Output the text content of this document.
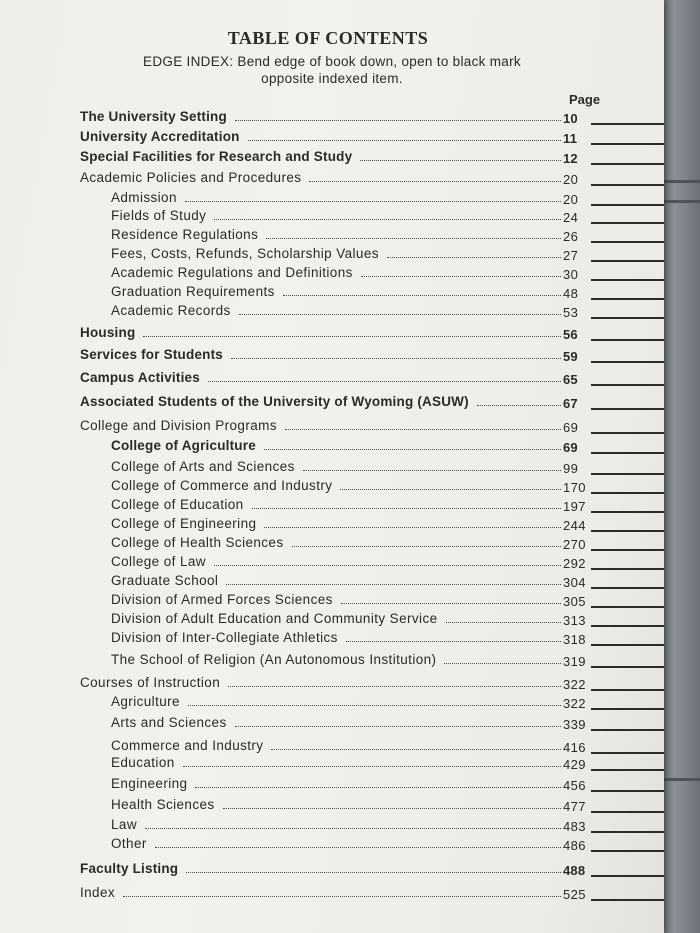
TABLE OF CONTENTS
EDGE INDEX: Bend edge of book down, open to black mark
opposite indexed item.
Page
The University Setting	10
University Accreditation	11
Special Facilities for Research and Study	12
Academic Policies and Procedures	20
Admission	20
Fields of Study	24
Residence Regulations	26
Fees, Costs, Refunds, Scholarship Values	27
Academic Regulations and Definitions	30
Graduation Requirements	48
Academic Records	53
Housing	56
Services for Students	59
Campus Activities	65
Associated Students of the University of Wyoming (ASUW)	67
College and Division Programs	69
College of Agriculture	69
College of Arts and Sciences	99
College of Commerce and Industry	170
College of Education	197
College of Engineering	244
College of Health Sciences	270
College of Law	292
Graduate School	304
Division of Armed Forces Sciences	305
Division of Adult Education and Community Service	313
Division of Inter-Collegiate Athletics	318
The School of Religion (An Autonomous Institution)	319
Courses of Instruction	322
Agriculture	322
Arts and Sciences	339
Commerce and Industry	416
Education	429
Engineering	456
Health Sciences	477
Law	483
Other	486
Faculty Listing	488
Index	525
